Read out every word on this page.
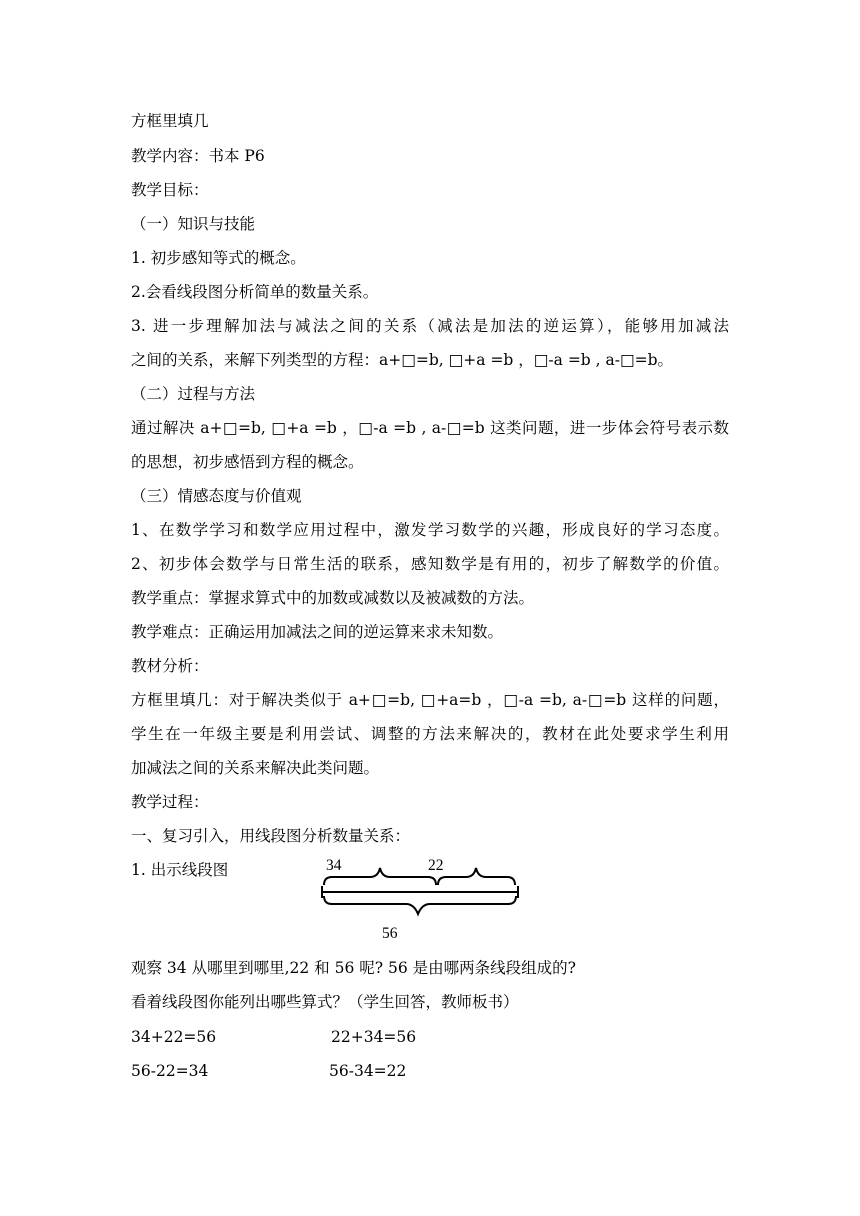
方框里填几
教学内容：书本 P6
教学目标：
（一）知识与技能
1. 初步感知等式的概念。
2.会看线段图分析简单的数量关系。
3. 进一步理解加法与减法之间的关系（减法是加法的逆运算），能够用加减法
之间的关系，来解下列类型的方程：a+□=b, □+a =b ，□-a =b , a-□=b。
（二）过程与方法
通过解决 a+□=b, □+a =b ，□-a =b , a-□=b 这类问题，进一步体会符号表示数
的思想，初步感悟到方程的概念。
（三）情感态度与价值观
1、在数学学习和数学应用过程中，激发学习数学的兴趣，形成良好的学习态度。
2、初步体会数学与日常生活的联系，感知数学是有用的，初步了解数学的价值。
教学重点：掌握求算式中的加数或减数以及被减数的方法。
教学难点：正确运用加减法之间的逆运算来求未知数。
教材分析：
方框里填几：对于解决类似于 a+□=b, □+a=b ，□-a =b, a-□=b 这样的问题，
学生在一年级主要是利用尝试、调整的方法来解决的，教材在此处要求学生利用
加减法之间的关系来解决此类问题。
教学过程：
一、复习引入，用线段图分析数量关系：
1. 出示线段图	34	22
56
观察 34 从哪里到哪里,22 和 56 呢? 56 是由哪两条线段组成的?
看着线段图你能列出哪些算式？（学生回答，教师板书）
34+22=56	22+34=56
56-22=34	56-34=22
